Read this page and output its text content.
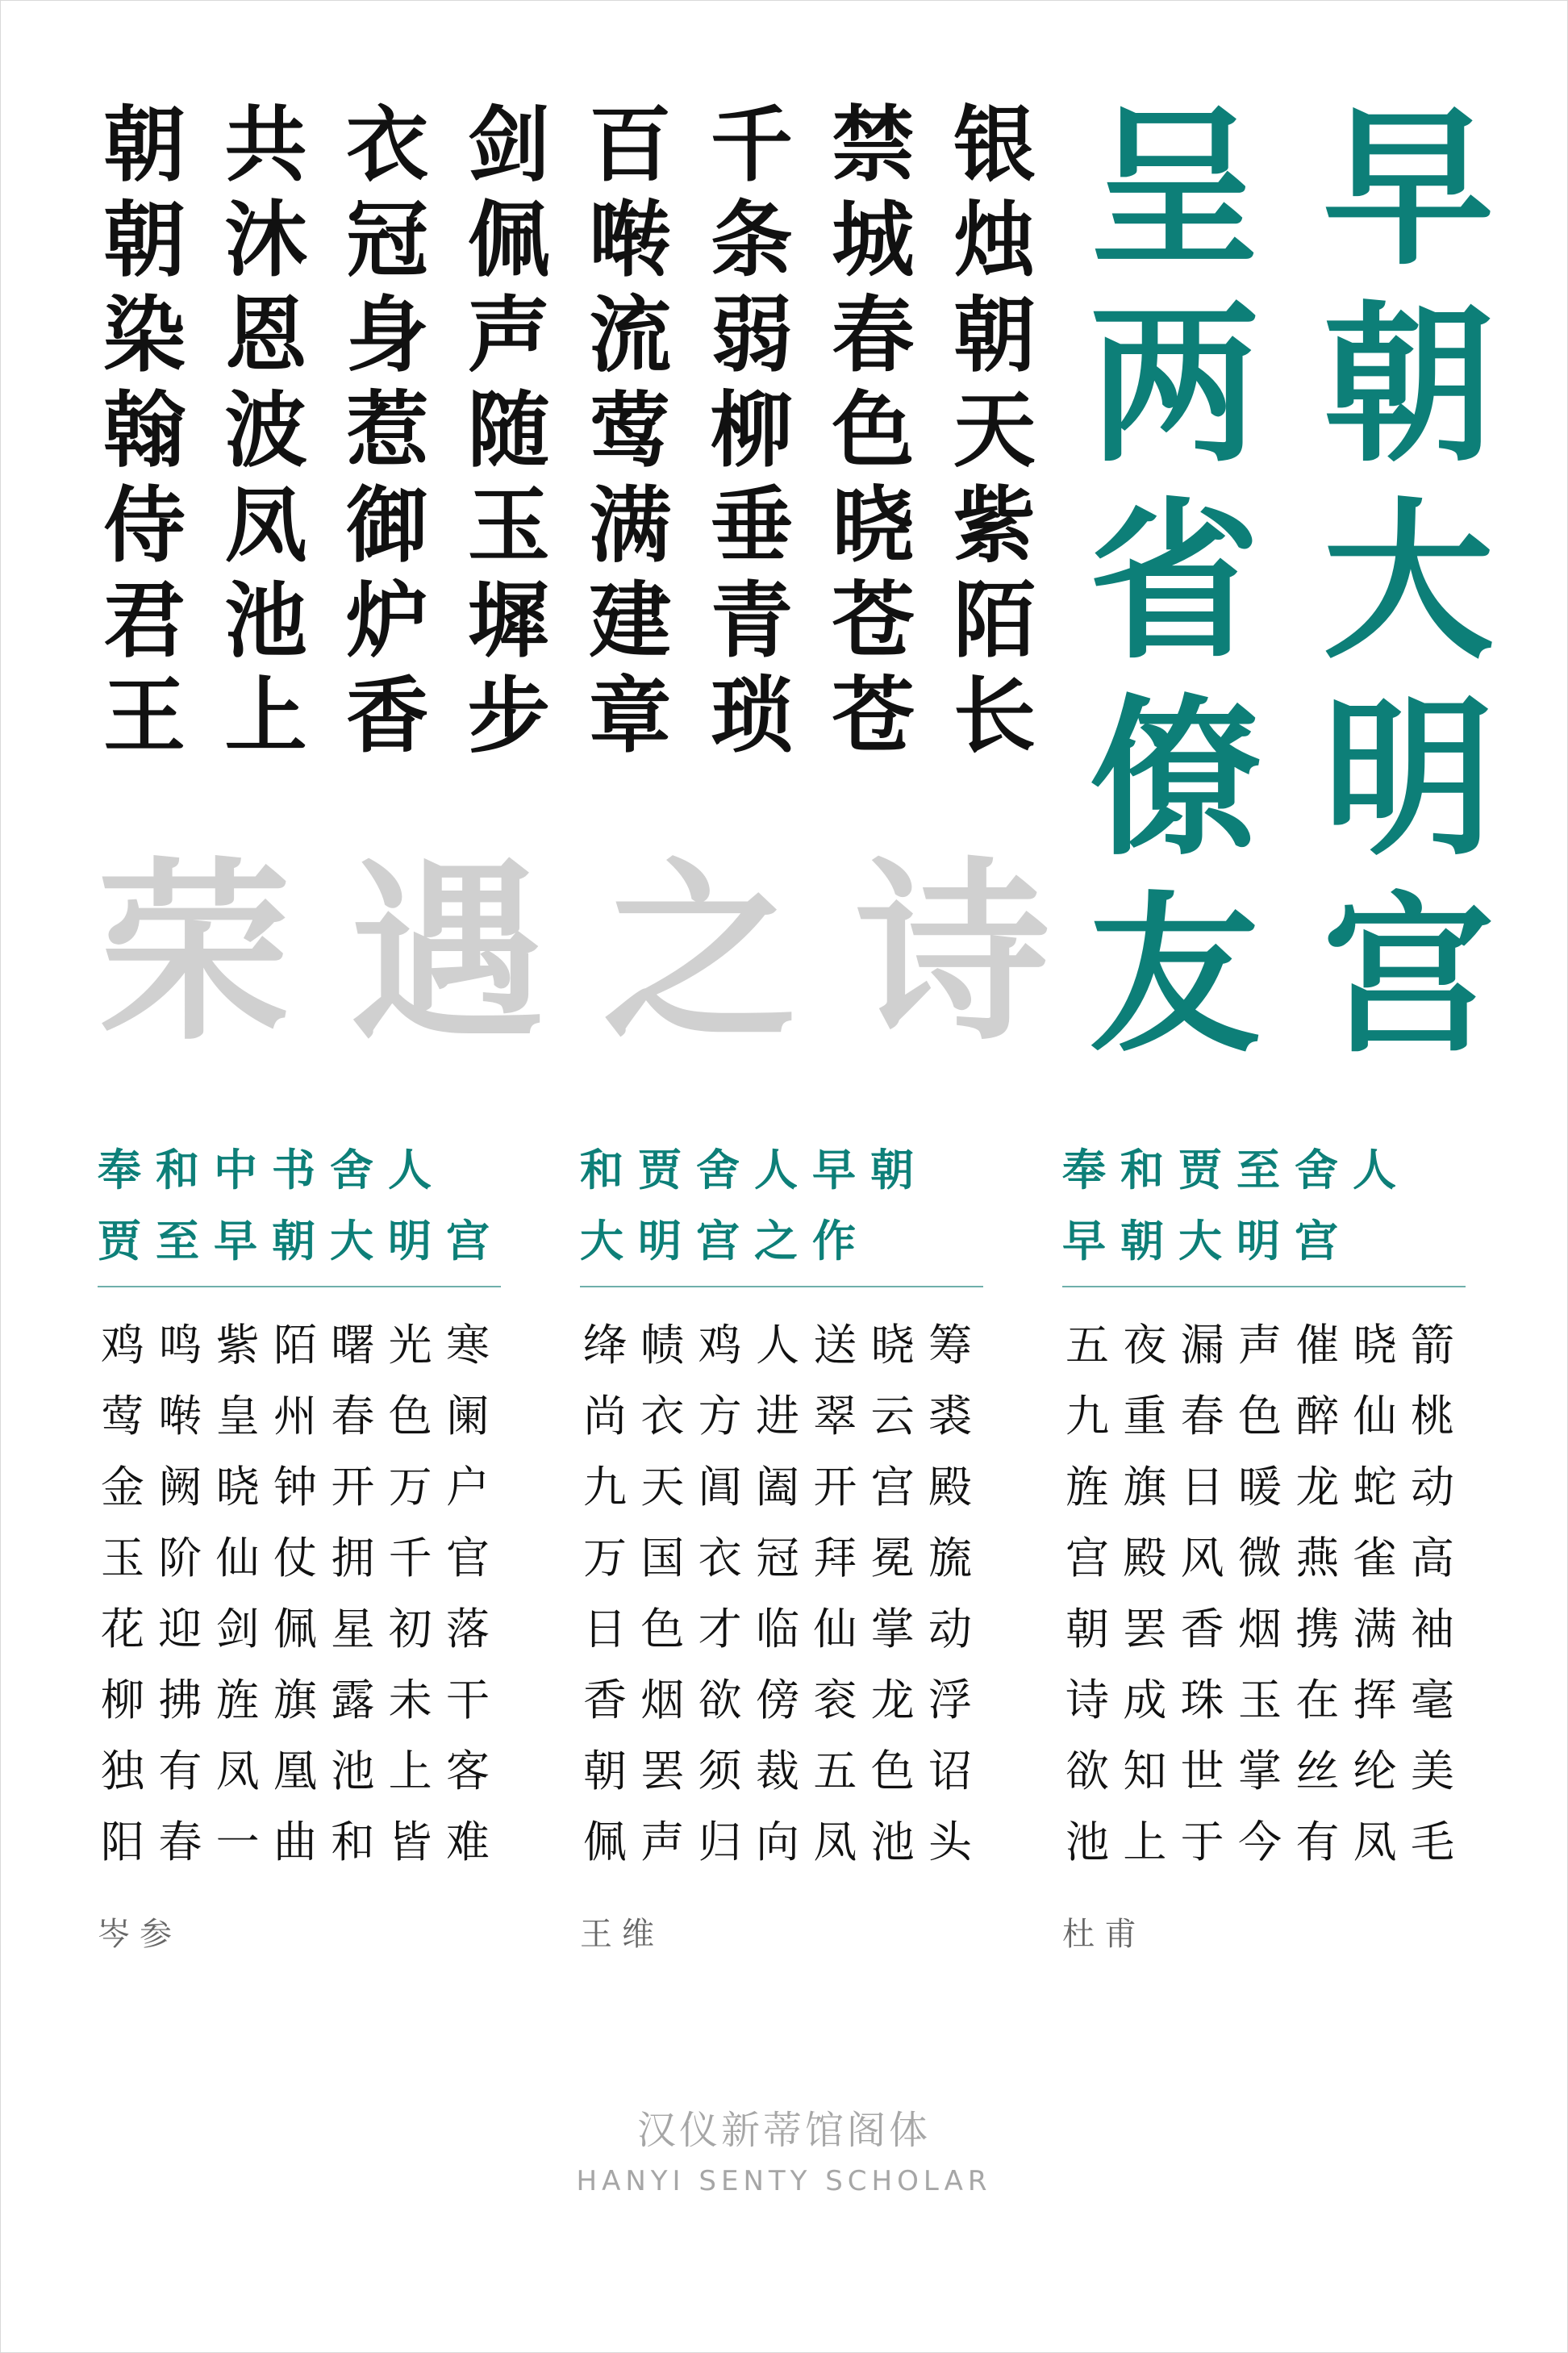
银
烛
朝
天
紫
陌
长
禁
城
春
色
晓
苍
苍
千
条
弱
柳
垂
青
琐
百
啭
流
莺
满
建
章
剑
佩
声
随
玉
墀
步
衣
冠
身
惹
御
炉
香
共
沐
恩
波
凤
池
上
朝
朝
染
翰
侍
君
王
早
朝
大
明
宫
呈
两
省
僚
友
荣 遇 之 诗
奉和中书舍人
贾至早朝大明宫
鸡 鸣 紫 陌 曙 光 寒
莺 啭 皇 州 春 色 阑
金 阙 晓 钟 开 万 户
玉 阶 仙 仗 拥 千 官
花 迎 剑 佩 星 初 落
柳 拂 旌 旗 露 未 干
独 有 凤 凰 池 上 客
阳 春 一 曲 和 皆 难
岑参
和贾舍人早朝
大明宫之作
绛 帻 鸡 人 送 晓 筹
尚 衣 方 进 翠 云 裘
九 天 阊 阖 开 宫 殿
万 国 衣 冠 拜 冕 旒
日 色 才 临 仙 掌 动
香 烟 欲 傍 衮 龙 浮
朝 罢 须 裁 五 色 诏
佩 声 归 向 凤 池 头
王维
奉和贾至舍人
早朝大明宫
五 夜 漏 声 催 晓 箭
九 重 春 色 醉 仙 桃
旌 旗 日 暖 龙 蛇 动
宫 殿 风 微 燕 雀 高
朝 罢 香 烟 携 满 袖
诗 成 珠 玉 在 挥 毫
欲 知 世 掌 丝 纶 美
池 上 于 今 有 凤 毛
杜甫
汉仪新蒂馆阁体
HANYI SENTY SCHOLAR
